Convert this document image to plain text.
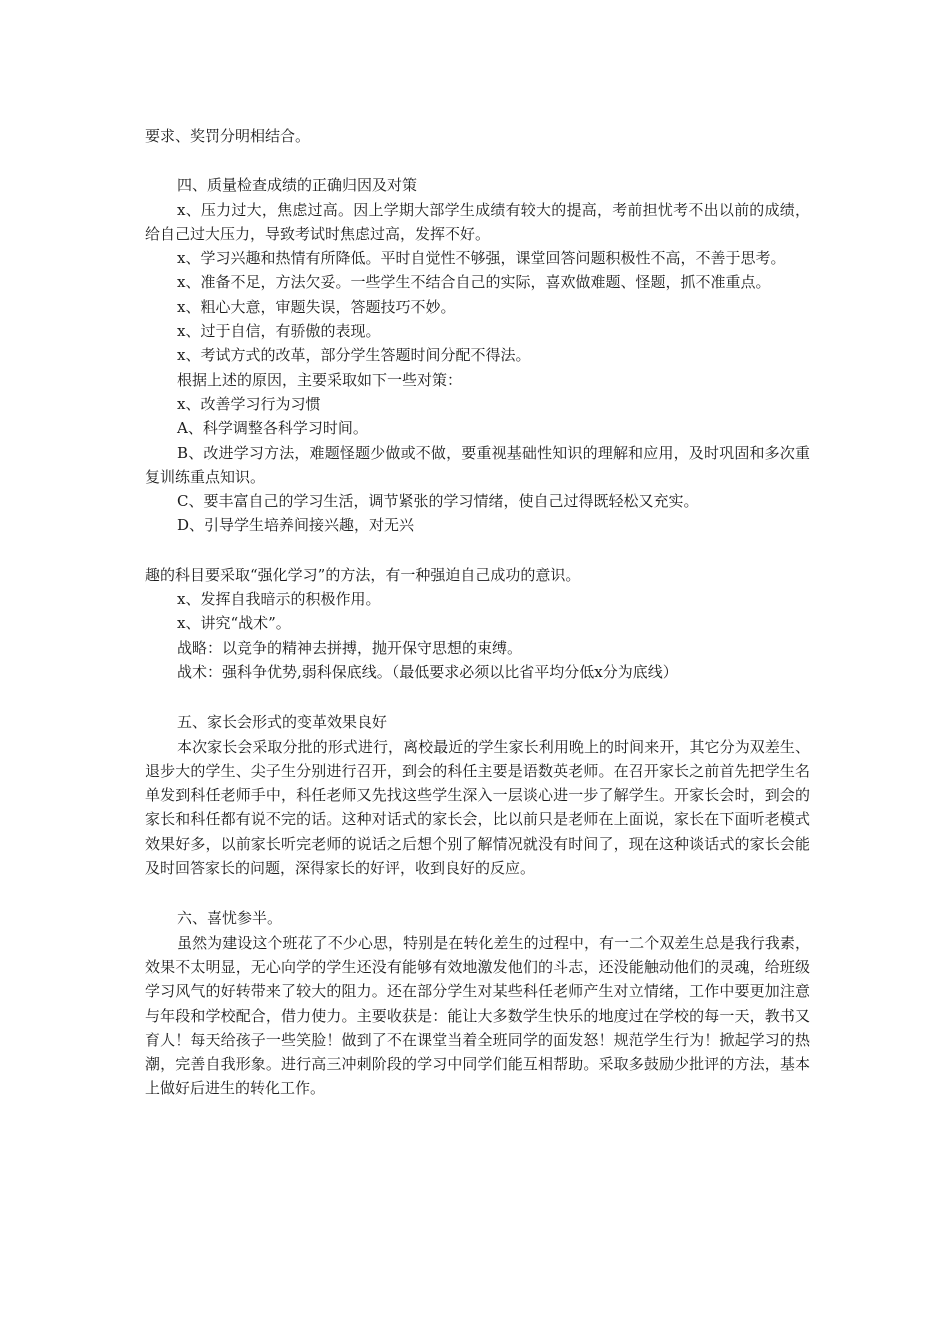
要求、奖罚分明相结合。

四、质量检查成绩的正确归因及对策

x、压力过大，焦虑过高。因上学期大部学生成绩有较大的提高，考前担忧考不出以前的成绩，给自己过大压力，导致考试时焦虑过高，发挥不好。

x、学习兴趣和热情有所降低。平时自觉性不够强，课堂回答问题积极性不高，不善于思考。

x、准备不足，方法欠妥。一些学生不结合自己的实际，喜欢做难题、怪题，抓不准重点。

x、粗心大意，审题失误，答题技巧不妙。

x、过于自信，有骄傲的表现。

x、考试方式的改革，部分学生答题时间分配不得法。

根据上述的原因，主要采取如下一些对策：

x、改善学习行为习惯

A、科学调整各科学习时间。

B、改进学习方法，难题怪题少做或不做，要重视基础性知识的理解和应用，及时巩固和多次重复训练重点知识。

C、要丰富自己的学习生活，调节紧张的学习情绪，使自己过得既轻松又充实。

D、引导学生培养间接兴趣，对无兴

趣的科目要采取“强化学习”的方法，有一种强迫自己成功的意识。

x、发挥自我暗示的积极作用。

x、讲究“战术”。

战略：以竞争的精神去拼搏，抛开保守思想的束缚。

战术：强科争优势,弱科保底线。（最低要求必须以比省平均分低x分为底线）

五、家长会形式的变革效果良好

本次家长会采取分批的形式进行，离校最近的学生家长利用晚上的时间来开，其它分为双差生、退步大的学生、尖子生分别进行召开，到会的科任主要是语数英老师。在召开家长之前首先把学生名单发到科任老师手中，科任老师又先找这些学生深入一层谈心进一步了解学生。开家长会时，到会的家长和科任都有说不完的话。这种对话式的家长会，比以前只是老师在上面说，家长在下面听老模式效果好多，以前家长听完老师的说话之后想个别了解情况就没有时间了，现在这种谈话式的家长会能及时回答家长的问题，深得家长的好评，收到良好的反应。

六、喜忧参半。

虽然为建设这个班花了不少心思，特别是在转化差生的过程中，有一二个双差生总是我行我素，效果不太明显，无心向学的学生还没有能够有效地激发他们的斗志，还没能触动他们的灵魂，给班级学习风气的好转带来了较大的阻力。还在部分学生对某些科任老师产生对立情绪，工作中要更加注意与年段和学校配合，借力使力。主要收获是：能让大多数学生快乐的地度过在学校的每一天，教书又育人！每天给孩子一些笑脸！做到了不在课堂当着全班同学的面发怒！规范学生行为！掀起学习的热潮，完善自我形象。进行高三冲刺阶段的学习中同学们能互相帮助。采取多鼓励少批评的方法，基本上做好后进生的转化工作。
